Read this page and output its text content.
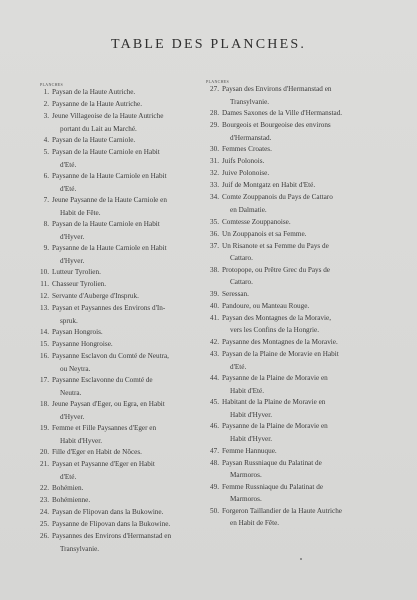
TABLE DES PLANCHES.
PLANCHES
PLANCHES
1. Paysan de la Haute Autriche.
2. Paysanne de la Haute Autriche.
3. Jeune Villageoise de la Haute Autriche
portant du Lait au Marché.
4. Paysan de la Haute Carniole.
5. Paysan de la Haute Carniole en Habit
d'Eté.
6. Paysanne de la Haute Carniole en Habit
d'Eté.
7. Jeune Paysanne de la Haute Carniole en
Habit de Fête.
8. Paysan de la Haute Carniole en Habit
d'Hyver.
9. Paysanne de la Haute Carniole en Habit
d'Hyver.
10. Lutteur Tyrolien.
11. Chasseur Tyrolien.
12. Servante d'Auberge d'Inspruk.
13. Paysan et Paysannes des Environs d'In-
spruk.
14. Paysan Hongrois.
15. Paysanne Hongroise.
16. Paysanne Esclavon du Comté de Neutra,
ou Neytra.
17. Paysanne Esclavonne du Comté de
Neutra.
18. Jeune Paysan d'Eger, ou Egra, en Habit
d'Hyver.
19. Femme et Fille Paysannes d'Eger en
Habit d'Hyver.
20. Fille d'Eger en Habit de Nôces.
21. Paysan et Paysanne d'Eger en Habit
d'Eté.
22. Bohémien.
23. Bohémienne.
24. Paysan de Flipovan dans la Bukowine.
25. Paysanne de Flipovan dans la Bukowine.
26. Paysannes des Environs d'Hermanstad en
Transylvanie.
27. Paysan des Environs d'Hermanstad en
Transylvanie.
28. Dames Saxones de la Ville d'Hermanstad.
29. Bourgeois et Bourgeoise des environs
d'Hermanstad.
30. Femmes Croates.
31. Juifs Polonois.
32. Juive Polonoise.
33. Juif de Montgatz en Habit d'Eté.
34. Comte Zouppanois du Pays de Cattaro
en Dalmatie.
35. Comtesse Zouppanoise.
36. Un Zouppanois et sa Femme.
37. Un Risanote et sa Femme du Pays de
Cattaro.
38. Protopope, ou Prêtre Grec du Pays de
Cattaro.
39. Seressan.
40. Pandoure, ou Manteau Rouge.
41. Paysan des Montagnes de la Moravie,
vers les Confins de la Hongrie.
42. Paysanne des Montagnes de la Moravie.
43. Paysan de la Plaine de Moravie en Habit
d'Eté.
44. Paysanne de la Plaine de Moravie en
Habit d'Eté.
45. Habitant de la Plaine de Moravie en
Habit d'Hyver.
46. Paysanne de la Plaine de Moravie en
Habit d'Hyver.
47. Femme Hannuque.
48. Paysan Russniaque du Palatinat de
Marmoros.
49. Femme Russniaque du Palatinat de
Marmoros.
50. Forgeron Taillandier de la Haute Autriche
en Habit de Fête.
